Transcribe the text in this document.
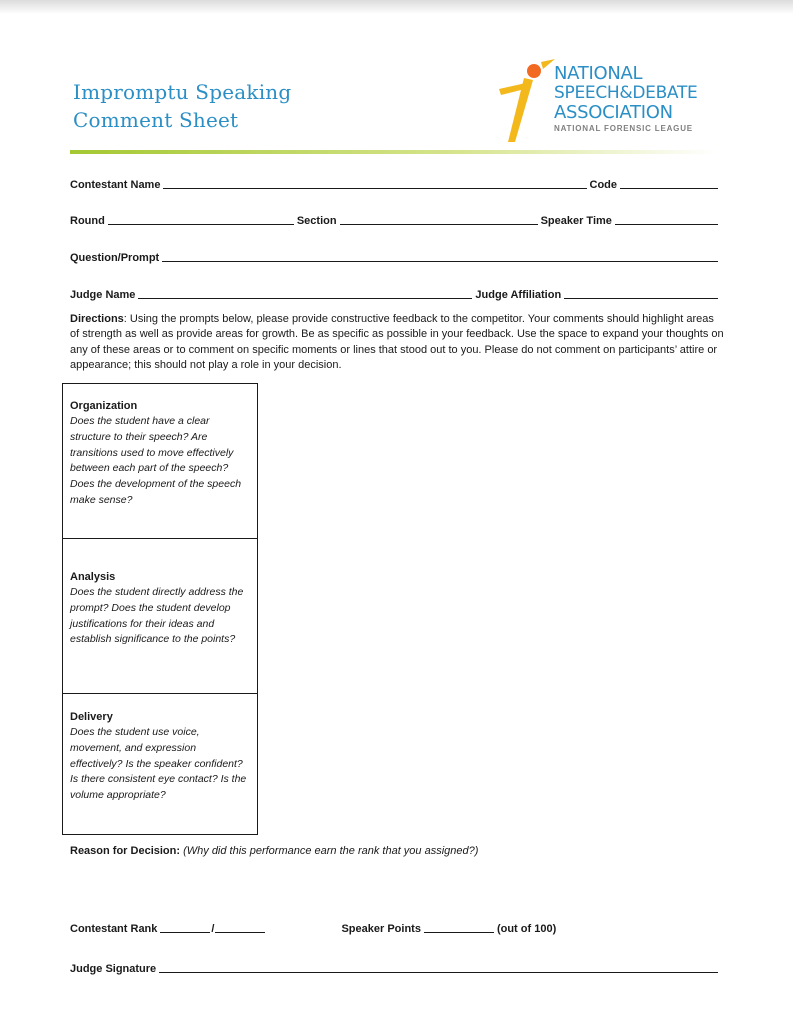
Impromptu Speaking
Comment Sheet
NATIONAL
SPEECH&DEBATE
ASSOCIATION
NATIONAL FORENSIC LEAGUE
Contestant Name	Code
Round	Section	Speaker Time
Question/Prompt
Judge Name	Judge Affiliation
Directions: Using the prompts below, please provide constructive feedback to the competitor. Your comments should highlight areas of strength as well as provide areas for growth. Be as specific as possible in your feedback. Use the space to expand your thoughts on any of these areas or to comment on specific moments or lines that stood out to you. Please do not comment on participants’ attire or appearance; this should not play a role in your decision.
Organization

Does the student have a clear structure to their speech? Are transitions used to move effectively between each part of the speech? Does the development of the speech make sense?

Analysis

Does the student directly address the prompt? Does the student develop justifications for their ideas and establish significance to the points?

Delivery

Does the student use voice, movement, and expression effectively? Is the speaker confident? Is there consistent eye contact? Is the volume appropriate?

Reason for Decision: (Why did this performance earn the rank that you assigned?)
Contestant Rank	/	Speaker Points	(out of 100)
Judge Signature
